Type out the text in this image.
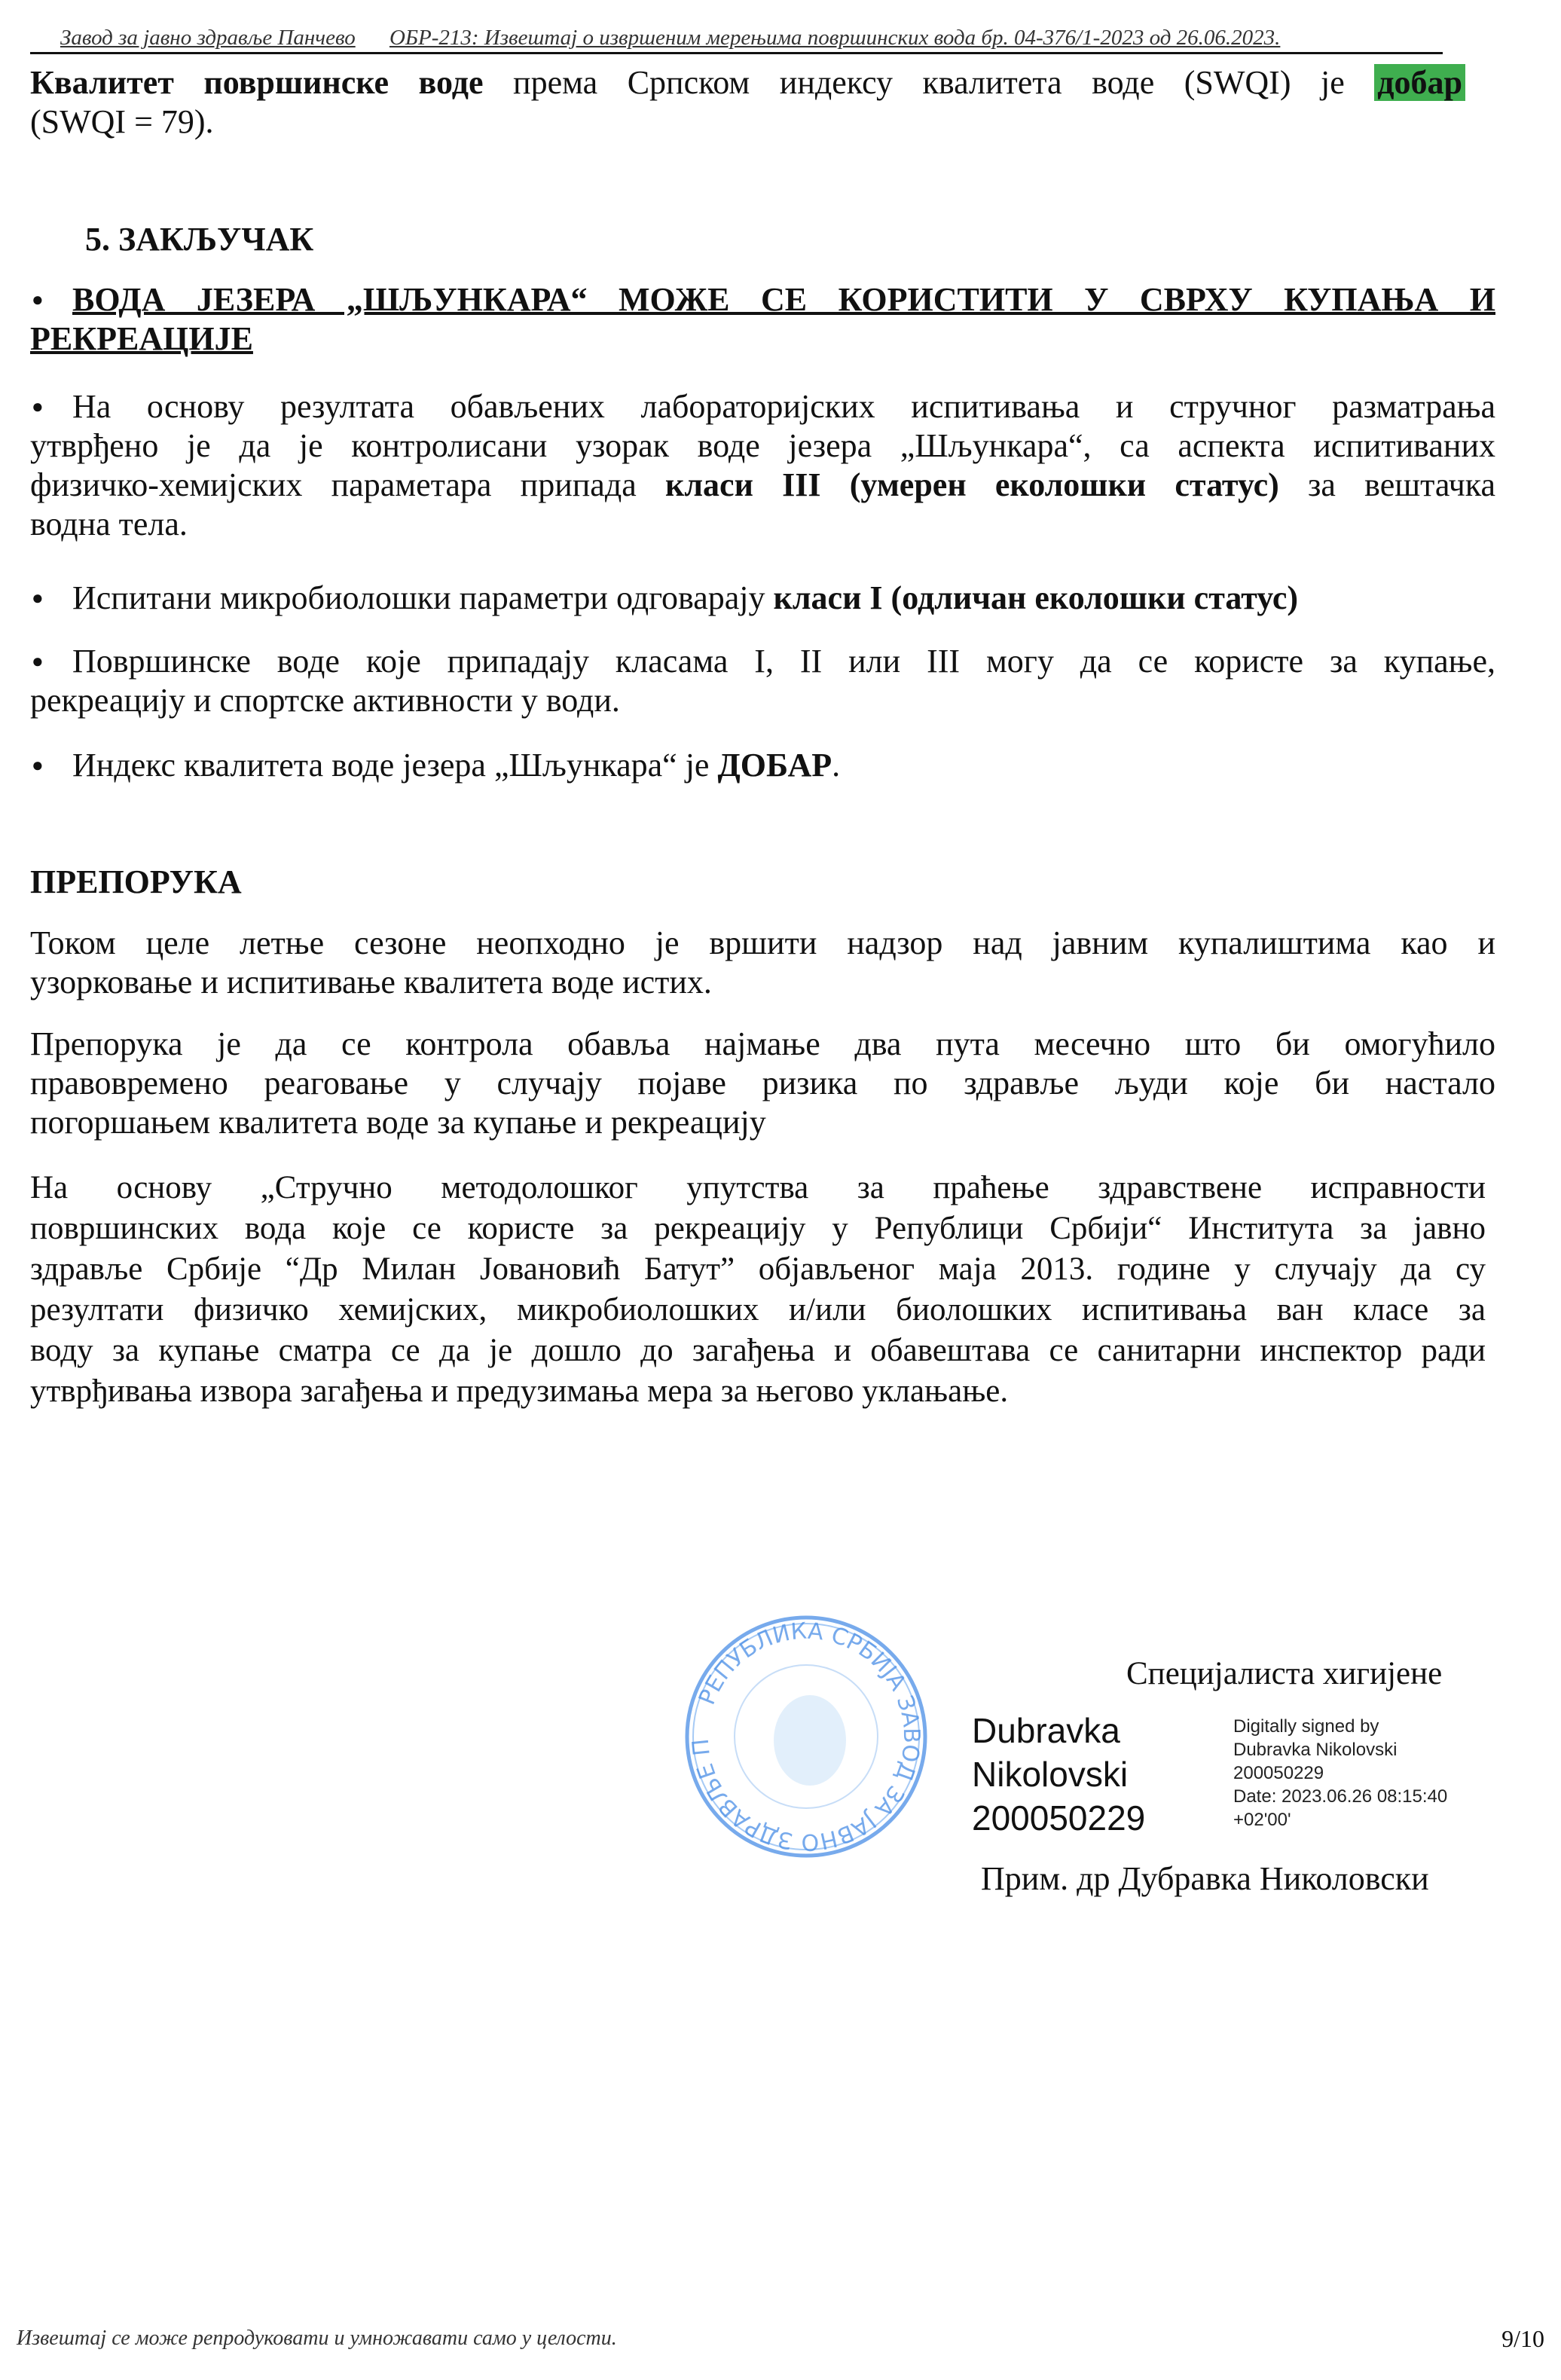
Завод за јавно здравље Панчево ОБР-213: Извештај о извршеним мерењима површинских вода бр. 04-376/1-2023 од 26.06.2023.
Квалитет површинске воде према Српском индексу квалитета воде (SWQI) је добар
(SWQI = 79).
5. ЗАКЉУЧАК
● ВОДА ЈЕЗЕРА „ШЉУНКАРА“ МОЖЕ СЕ КОРИСТИТИ У СВРХУ КУПАЊА И
РЕКРЕАЦИЈЕ
● На основу резултата обављених лабораторијских испитивања и стручног разматрања
утврђено је да је контролисани узорак воде језера „Шљункара“, са аспекта испитиваних
физичко-хемијских параметара припада класи III (умерен еколошки статус) за вештачка
водна тела.
● Испитани микробиолошки параметри одговарају класи I (одличан еколошки статус)
● Површинске воде које припадају класама I, II или III могу да се користе за купање,
рекреацију и спортске активности у води.
● Индекс квалитета воде језера „Шљункара“ је ДОБАР.
ПРЕПОРУКА
Током целе летње сезоне неопходно је вршити надзор над јавним купалиштима као и
узорковање и испитивање квалитета воде истих.
Препорука је да се контрола обавља најмање два пута месечно што би омогућило
правовремено реаговање у случају појаве ризика по здравље људи које би настало
погоршањем квалитета воде за купање и рекреацију
На основу „Стручно методолошког упутства за праћење здравствене исправности
површинских вода које се користе за рекреацију у Републици Србији“ Института за јавно
здравље Србије “Др Милан Јовановић Батут” објављеног маја 2013. године у случају да су
резултати физичко хемијских, микробиолошких и/или биолошких испитивања ван класе за
воду за купање сматра се да је дошло до загађења и обавештава се санитарни инспектор ради
утврђивања извора загађења и предузимања мера за његово уклањање.
РЕПУБЛИКА СРБИЈА ЗАВОД ЗА ЈАВНО ЗДРАВЉЕ П
Специјалиста хигијене
Dubravka
Nikolovski
200050229
Digitally signed by
Dubravka Nikolovski
200050229
Date: 2023.06.26 08:15:40
+02'00'
Прим. др Дубравка Николовски
Извештај се може репродуковати и умножавати само у целости.	9/10
